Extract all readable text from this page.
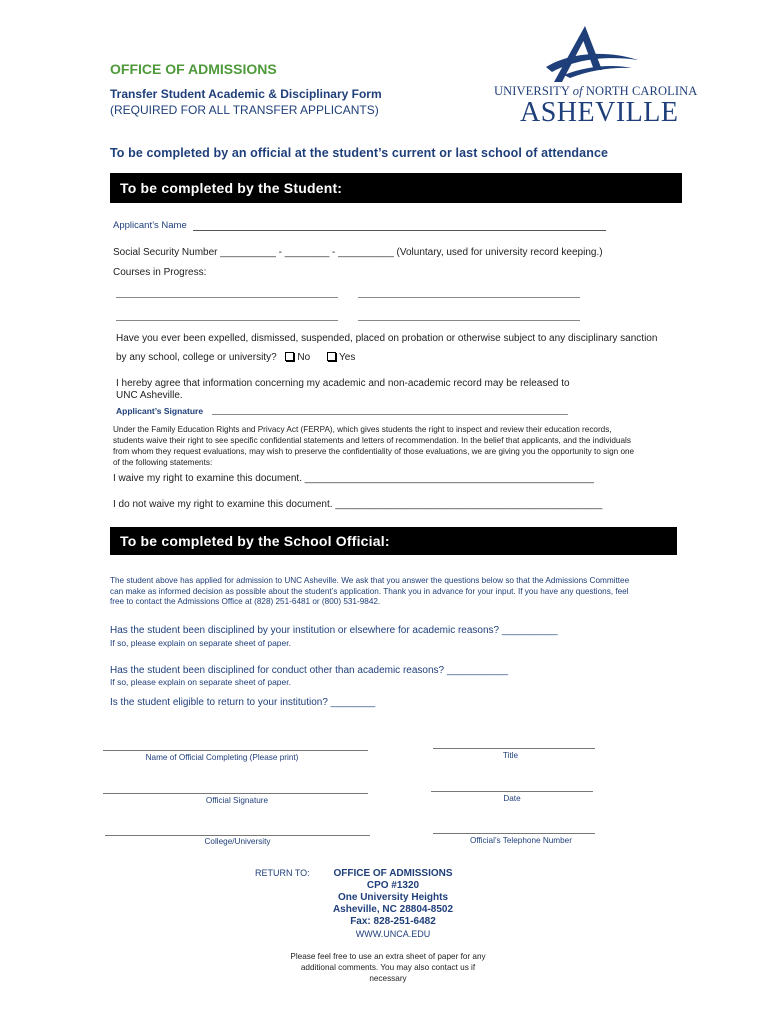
OFFICE OF ADMISSIONS
Transfer Student Academic & Disciplinary Form
(REQUIRED FOR ALL TRANSFER APPLICANTS)
UNIVERSITY of NORTH CAROLINA
ASHEVILLE
To be completed by an official at the student’s current or last school of attendance
To be completed by the Student:
Applicant’s Name
Social Security Number __________ - ________ - __________ (Voluntary, used for university record keeping.)
Courses in Progress:
Have you ever been expelled, dismissed, suspended, placed on probation or otherwise subject to any disciplinary sanction
by any school, college or university? No	Yes
I hereby agree that information concerning my academic and non-academic record may be released to
UNC Asheville.
Applicant’s Signature
Under the Family Education Rights and Privacy Act (FERPA), which gives students the right to inspect and review their education records,
students waive their right to see specific confidential statements and letters of recommendation. In the belief that applicants, and the individuals
from whom they request evaluations, may wish to preserve the confidentiality of those evaluations, we are giving you the opportunity to sign one
of the following statements:
I waive my right to examine this document. ____________________________________________________
I do not waive my right to examine this document. ________________________________________________
To be completed by the School Official:
The student above has applied for admission to UNC Asheville. We ask that you answer the questions below so that the Admissions Committee
can make as informed decision as possible about the student’s application. Thank you in advance for your input. If you have any questions, feel
free to contact the Admissions Office at (828) 251-6481 or (800) 531-9842.
Has the student been disciplined by your institution or elsewhere for academic reasons? __________
If so, please explain on separate sheet of paper.
Has the student been disciplined for conduct other than academic reasons? ___________
If so, please explain on separate sheet of paper.
Is the student eligible to return to your institution? ________
Name of Official Completing (Please print)	Title
Official Signature	Date
College/University	Official’s Telephone Number
RETURN TO:	OFFICE OF ADMISSIONS
CPO #1320
One University Heights
Asheville, NC 28804-8502
Fax: 828-251-6482
WWW.UNCA.EDU
Please feel free to use an extra sheet of paper for any
additional comments. You may also contact us if
necessary
